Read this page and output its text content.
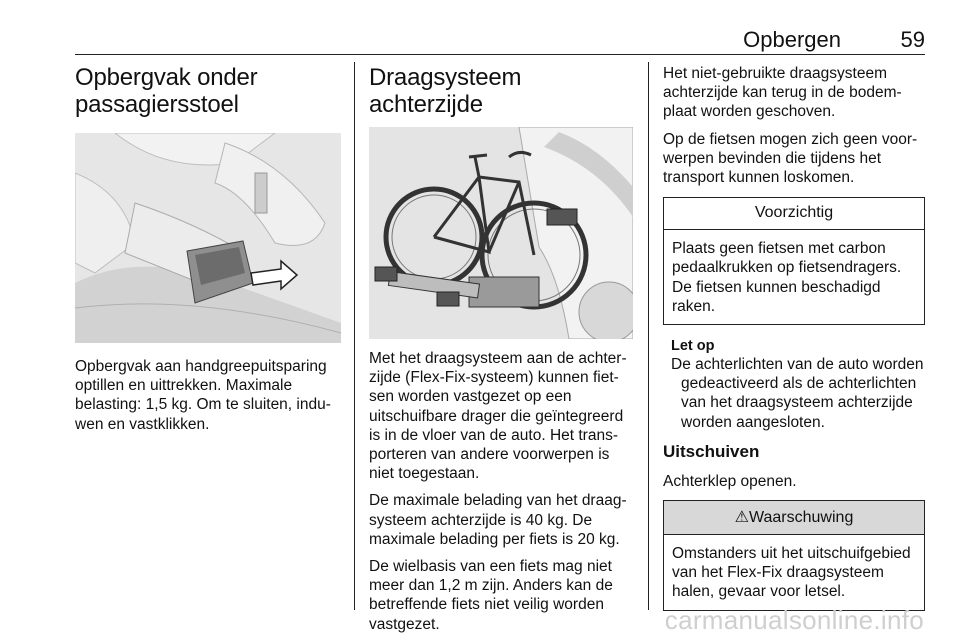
Opbergen	59
Opbergvak onder passagiersstoel

Opbergvak aan handgreepuitsparing optillen en uittrekken. Maximale belasting: 1,5 kg. Om te sluiten, induwen en vastklikken.

Draagsysteem achterzijde

Met het draagsysteem aan de achterzijde (Flex-Fix-systeem) kunnen fietsen worden vastgezet op een uitschuifbare drager die geïntegreerd is in de vloer van de auto. Het transporteren van andere voorwerpen is niet toegestaan.

De maximale belading van het draagsysteem achterzijde is 40 kg. De maximale belading per fiets is 20 kg.

De wielbasis van een fiets mag niet meer dan 1,2 m zijn. Anders kan de betreffende fiets niet veilig worden vastgezet.

Het niet-gebruikte draagsysteem achterzijde kan terug in de bodemplaat worden geschoven.

Op de fietsen mogen zich geen voorwerpen bevinden die tijdens het transport kunnen loskomen.

Voorzichtig
Plaats geen fietsen met carbon pedaalkrukken op fietsendragers. De fietsen kunnen beschadigd raken.
Let op

De achterlichten van de auto worden gedeactiveerd als de achterlichten van het draagsysteem achterzijde worden aangesloten.

Uitschuiven

Achterklep openen.

⚠Waarschuwing
Omstanders uit het uitschuifgebied van het Flex-Fix draagsysteem halen, gevaar voor letsel.
carmanualsonline.info
